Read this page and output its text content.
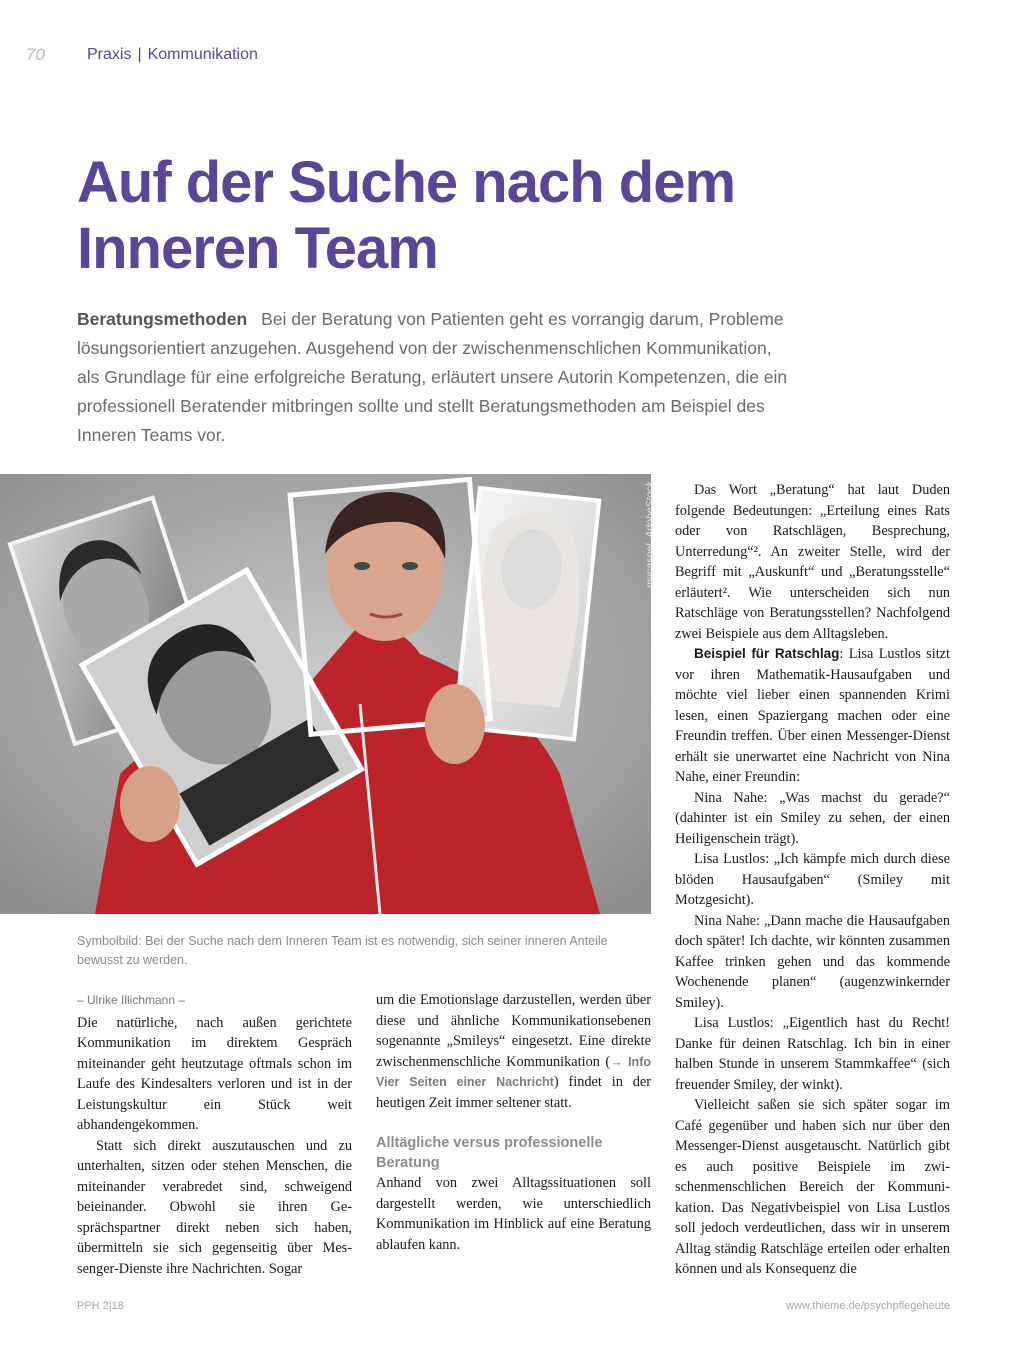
70	Praxis | Kommunikation
Auf der Suche nach dem
Inneren Team

Beratungsmethoden Bei der Beratung von Patienten geht es vorrangig darum, Probleme lösungsorientiert anzugehen. Ausgehend von der zwischenmenschlichen Kommunikation, als Grundlage für eine erfolgreiche Beratung, erläutert unsere Autorin Kompetenzen, die ein professionell Beratender mitbringen sollte und stellt Beratungsmethoden am Beispiel des Inneren Teams vor.

mvcaspel_AdobeStock

Symbolbild: Bei der Suche nach dem Inneren Team ist es notwendig, sich seiner inneren Anteile bewusst zu werden.

– Ulrike Illichmann –

Die natürliche, nach außen gerichtete Kommunikation im direktem Gespräch miteinander geht heutzutage oftmals schon im Laufe des Kindesalters verloren und ist in der Leistungskultur ein Stück weit abhandengekommen.

Statt sich direkt auszutauschen und zu unterhalten, sitzen oder stehen Menschen, die miteinander verabredet sind, schweigend beieinander. Obwohl sie ihren Gesprächspartner direkt neben sich haben, übermitteln sie sich gegenseitig über Messenger-Dienste ihre Nachrichten. Sogar

um die Emotionslage darzustellen, werden über diese und ähnliche Kommunikationsebenen sogenannte „Smileys“ eingesetzt. Eine direkte zwischenmenschliche Kommunikation (→ Info Vier Seiten einer Nachricht) findet in der heutigen Zeit immer seltener statt.

Alltägliche versus professionelle Beratung

Anhand von zwei Alltagssituationen soll dargestellt werden, wie unterschiedlich Kommunikation im Hinblick auf eine Beratung ablaufen kann.

Das Wort „Beratung“ hat laut Duden folgende Bedeutungen: „Erteilung eines Rats oder von Ratschlägen, Besprechung, Unterredung“². An zweiter Stelle, wird der Begriff mit „Auskunft“ und „Beratungsstelle“ erläutert². Wie unterscheiden sich nun Ratschläge von Beratungsstellen? Nachfolgend zwei Beispiele aus dem Alltagsleben.

Beispiel für Ratschlag: Lisa Lustlos sitzt vor ihren Mathematik-Hausaufgaben und möchte viel lieber einen spannenden Krimi lesen, einen Spaziergang machen oder eine Freundin treffen. Über einen Messenger-Dienst erhält sie unerwartet eine Nachricht von Nina Nahe, einer Freundin:

Nina Nahe: „Was machst du gerade?“ (dahinter ist ein Smiley zu sehen, der einen Heiligenschein trägt).

Lisa Lustlos: „Ich kämpfe mich durch diese blöden Hausaufgaben“ (Smiley mit Motzgesicht).

Nina Nahe: „Dann mache die Hausaufgaben doch später! Ich dachte, wir könnten zusammen Kaffee trinken gehen und das kommende Wochenende planen“ (augenzwinkernder Smiley).

Lisa Lustlos: „Eigentlich hast du Recht! Danke für deinen Ratschlag. Ich bin in einer halben Stunde in unserem Stammkaffee“ (sich freuender Smiley, der winkt).

Vielleicht saßen sie sich später sogar im Café gegenüber und haben sich nur über den Messenger-Dienst ausgetauscht. Natürlich gibt es auch positive Beispiele im zwischenmenschlichen Bereich der Kommunikation. Das Negativbeispiel von Lisa Lustlos soll jedoch verdeutlichen, dass wir in unserem Alltag ständig Ratschläge erteilen oder erhalten können und als Konsequenz die

PPH 2|18	www.thieme.de/psychpflegeheute
